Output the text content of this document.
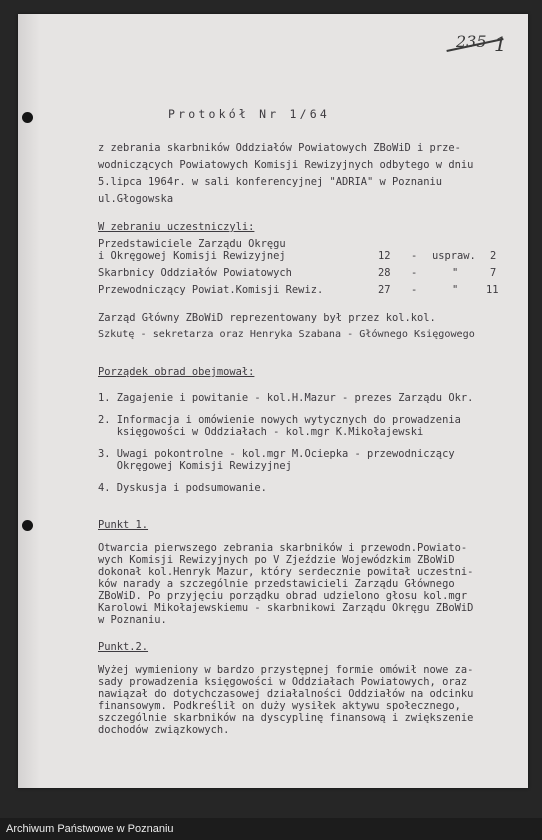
235 1
Protokół Nr 1/64
z zebrania skarbników Oddziałów Powiatowych ZBoWiD i prze-
wodniczących Powiatowych Komisji Rewizyjnych odbytego w dniu
5.lipca 1964r. w sali konferencyjnej "ADRIA" w Poznaniu
ul.Głogowska
W zebraniu uczestniczyli:
Przedstawiciele Zarządu Okręgu
i Okręgowej Komisji Rewizyjnej	12 - uspraw. 2
Skarbnicy Oddziałów Powiatowych	28 -	"	7
Przewodniczący Powiat.Komisji Rewiz.	27 -	"	11
Zarząd Główny ZBoWiD reprezentowany był przez kol.kol.
Szkutę - sekretarza oraz Henryka Szabana - Głównego Księgowego
Porządek obrad obejmował:
1. Zagajenie i powitanie - kol.H.Mazur - prezes Zarządu Okr.
2. Informacja i omówienie nowych wytycznych do prowadzenia
księgowości w Oddziałach - kol.mgr K.Mikołajewski
3. Uwagi pokontrolne - kol.mgr M.Ociepka - przewodniczący
Okręgowej Komisji Rewizyjnej
4. Dyskusja i podsumowanie.
Punkt 1.
Otwarcia pierwszego zebrania skarbników i przewodn.Powiato-
wych Komisji Rewizyjnych po V Zjeździe Wojewódzkim ZBoWiD
dokonał kol.Henryk Mazur, który serdecznie powitał uczestni-
ków narady a szczególnie przedstawicieli Zarządu Głównego
ZBoWiD. Po przyjęciu porządku obrad udzielono głosu kol.mgr
Karolowi Mikołajewskiemu - skarbnikowi Zarządu Okręgu ZBoWiD
w Poznaniu.
Punkt.2.
Wyżej wymieniony w bardzo przystępnej formie omówił nowe za-
sady prowadzenia księgowości w Oddziałach Powiatowych, oraz
nawiązał do dotychczasowej działalności Oddziałów na odcinku
finansowym. Podkreślił on duży wysiłek aktywu społecznego,
szczególnie skarbników na dyscyplinę finansową i zwiększenie
dochodów związkowych.
Archiwum Państwowe w Poznaniu
